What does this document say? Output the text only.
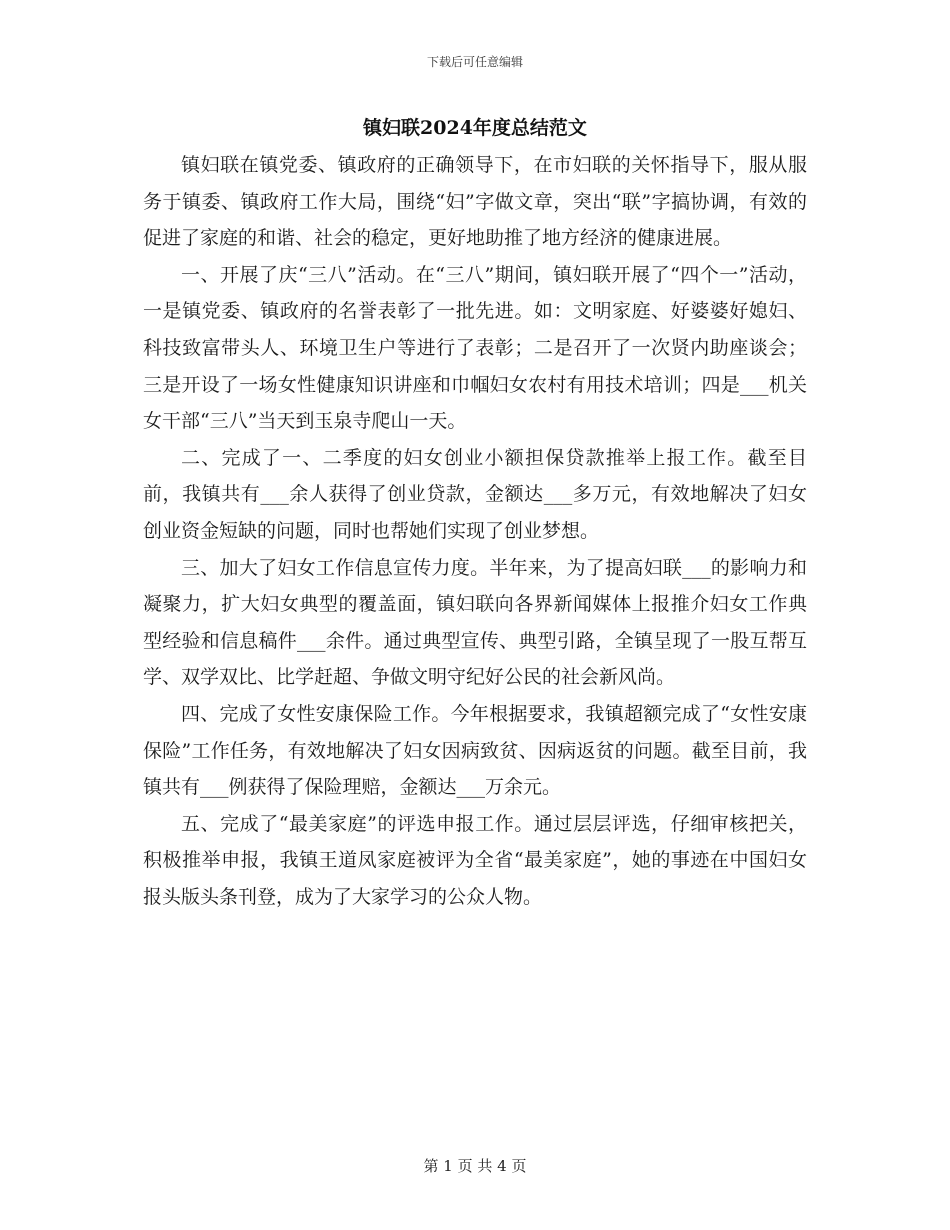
下载后可任意编辑
镇妇联2024年度总结范文

镇妇联在镇党委、镇政府的正确领导下，在市妇联的关怀指导下，服从服务于镇委、镇政府工作大局，围绕“妇”字做文章，突出“联”字搞协调，有效的促进了家庭的和谐、社会的稳定，更好地助推了地方经济的健康进展。

一、开展了庆“三八”活动。在“三八”期间，镇妇联开展了“四个一”活动，一是镇党委、镇政府的名誉表彰了一批先进。如：文明家庭、好婆婆好媳妇、科技致富带头人、环境卫生户等进行了表彰；二是召开了一次贤内助座谈会；三是开设了一场女性健康知识讲座和巾帼妇女农村有用技术培训；四是___机关女干部“三八”当天到玉泉寺爬山一天。

二、完成了一、二季度的妇女创业小额担保贷款推举上报工作。截至目前，我镇共有___余人获得了创业贷款，金额达___多万元，有效地解决了妇女创业资金短缺的问题，同时也帮她们实现了创业梦想。

三、加大了妇女工作信息宣传力度。半年来，为了提高妇联___的影响力和凝聚力，扩大妇女典型的覆盖面，镇妇联向各界新闻媒体上报推介妇女工作典型经验和信息稿件___余件。通过典型宣传、典型引路，全镇呈现了一股互帮互学、双学双比、比学赶超、争做文明守纪好公民的社会新风尚。

四、完成了女性安康保险工作。今年根据要求，我镇超额完成了“女性安康保险”工作任务，有效地解决了妇女因病致贫、因病返贫的问题。截至目前，我镇共有___例获得了保险理赔，金额达___万余元。

五、完成了“最美家庭”的评选申报工作。通过层层评选，仔细审核把关，积极推举申报，我镇王道凤家庭被评为全省“最美家庭”，她的事迹在中国妇女报头版头条刊登，成为了大家学习的公众人物。

第 1 页 共 4 页
